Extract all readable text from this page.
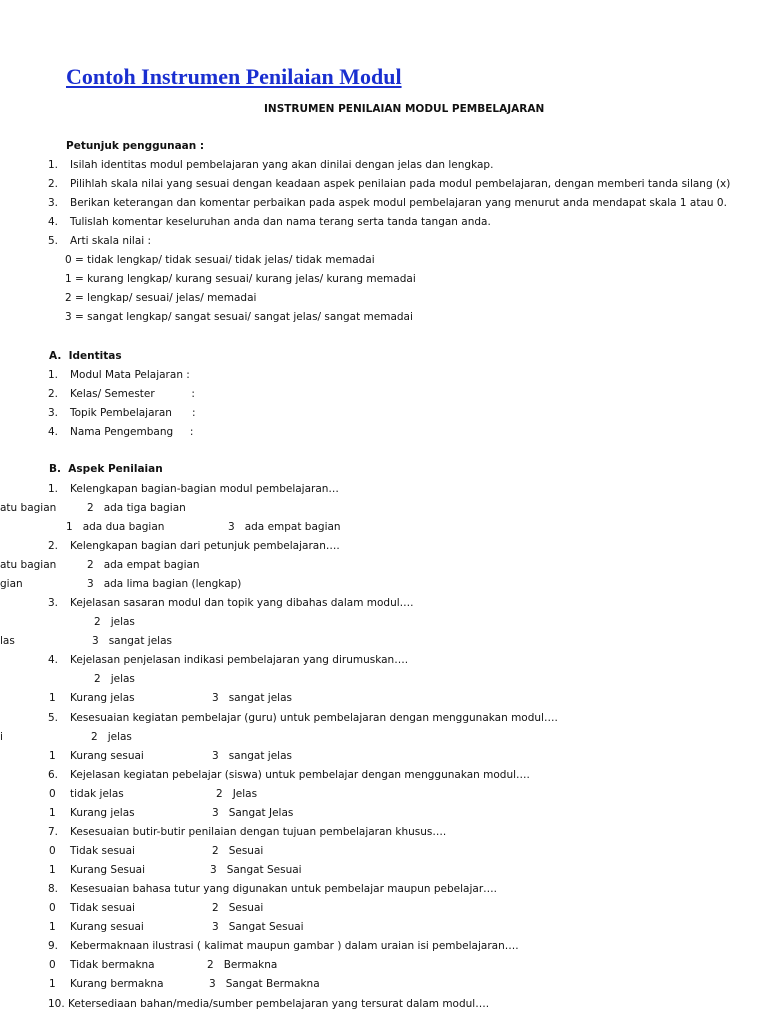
Contoh Instrumen Penilaian Modul
INSTRUMEN PENILAIAN MODUL PEMBELAJARAN
Petunjuk penggunaan :
1. Isilah identitas modul pembelajaran yang akan dinilai dengan jelas dan lengkap.
2. Pilihlah skala nilai yang sesuai dengan keadaan aspek penilaian pada modul pembelajaran, dengan memberi tanda silang (x)
3. Berikan keterangan dan komentar perbaikan pada aspek modul pembelajaran yang menurut anda mendapat skala 1 atau 0.
4. Tulislah komentar keseluruhan anda dan nama terang serta tanda tangan anda.
5. Arti skala nilai :
0 = tidak lengkap/ tidak sesuai/ tidak jelas/ tidak memadai
1 = kurang lengkap/ kurang sesuai/ kurang jelas/ kurang memadai
2 = lengkap/ sesuai/ jelas/ memadai
3 = sangat lengkap/ sangat sesuai/ sangat jelas/ sangat memadai
A.  Identitas
1. Modul Mata Pelajaran :
2. Kelas/ Semester           :
3. Topik Pembelajaran      :
4. Nama Pengembang     :
B.  Aspek Penilaian
1. Kelengkapan bagian-bagian modul pembelajaran…
atu bagian	2   ada tiga bagian
1   ada dua bagian	3   ada empat bagian
2. Kelengkapan bagian dari petunjuk pembelajaran….
atu bagian	2   ada empat bagian
gian	3   ada lima bagian (lengkap)
3. Kejelasan sasaran modul dan topik yang dibahas dalam modul….
2   jelas
las	3   sangat jelas
4. Kejelasan penjelasan indikasi pembelajaran yang dirumuskan….
2   jelas
1 Kurang jelas	3   sangat jelas
5. Kesesuaian kegiatan pembelajar (guru) untuk pembelajaran dengan menggunakan modul….
i	2   jelas
1 Kurang sesuai	3   sangat jelas
6. Kejelasan kegiatan pebelajar (siswa) untuk pembelajar dengan menggunakan modul….
0 tidak jelas	2   Jelas
1 Kurang jelas	3   Sangat Jelas
7. Kesesuaian butir-butir penilaian dengan tujuan pembelajaran khusus….
0 Tidak sesuai	2   Sesuai
1 Kurang Sesuai	3   Sangat Sesuai
8. Kesesuaian bahasa tutur yang digunakan untuk pembelajar maupun pebelajar….
0 Tidak sesuai	2   Sesuai
1 Kurang sesuai	3   Sangat Sesuai
9. Kebermaknaan ilustrasi ( kalimat maupun gambar ) dalam uraian isi pembelajaran….
0 Tidak bermakna	2   Bermakna
1 Kurang bermakna	3   Sangat Bermakna
10. Ketersediaan bahan/media/sumber pembelajaran yang tersurat dalam modul….
